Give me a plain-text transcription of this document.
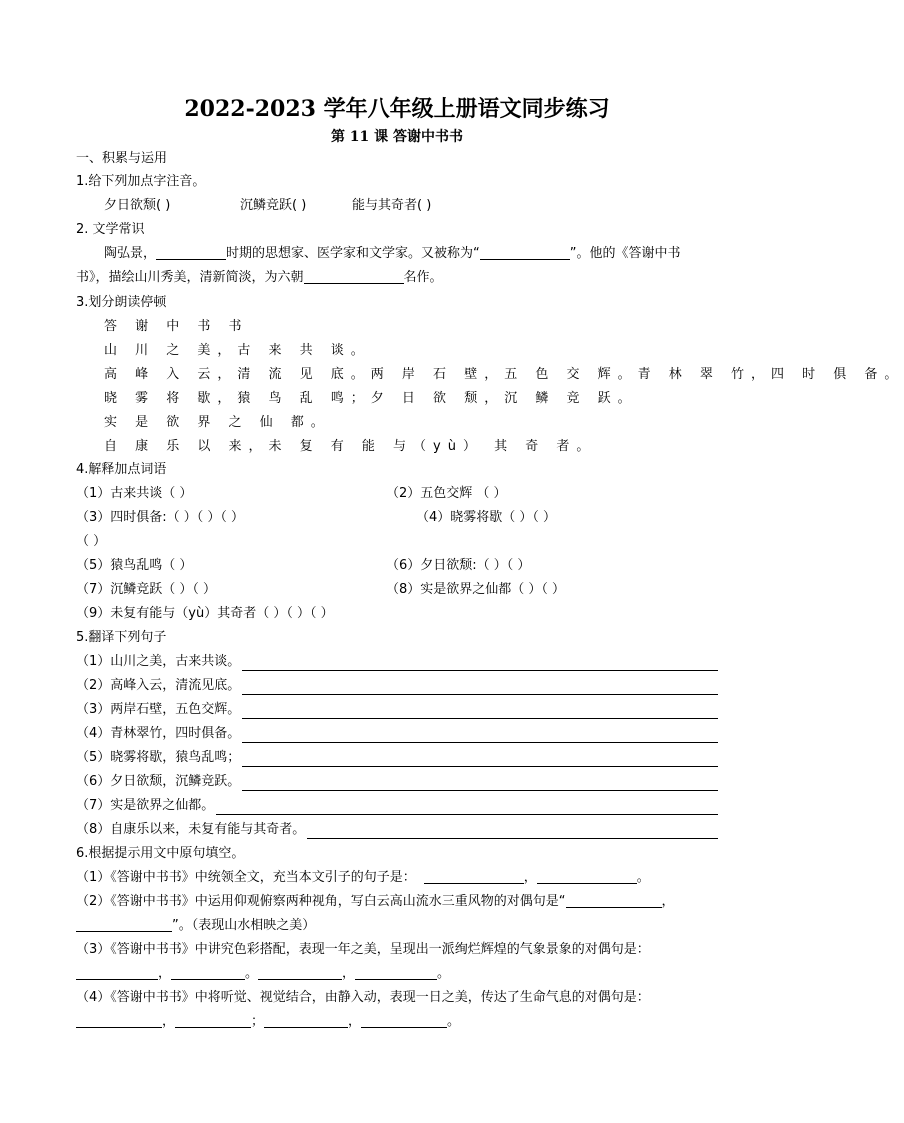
2022-2023 学年八年级上册语文同步练习
第 11 课 答谢中书书
一、积累与运用
1.给下列加点字注音。
夕日欲颓( )	沉鳞竞跃( )	能与其奇者( )
2. 文学常识
陶弘景，	时期的思想家、医学家和文学家。又被称为“	”。他的《答谢中书
书》，描绘山川秀美，清新简淡，为六朝	名作。
3.划分朗读停顿
答 谢 中 书 书
山 川 之 美，古 来 共 谈。
高 峰 入 云，清 流 见 底。两 岸 石 壁，五 色 交 辉。青 林 翠 竹，四 时 俱 备。
晓 雾 将 歇，猿 鸟 乱 鸣；夕 日 欲 颓，沉 鳞 竞 跃。
实 是 欲 界 之 仙 都。
自 康 乐 以 来，未 复 有 能 与（yù） 其 奇 者。
4.解释加点词语
（1）古来共谈（ ）	（2）五色交辉 （ ）
（3）四时俱备:（ ）（ ）（ ）	（4）晓雾将歇（ ）（ ）
（ ）
（5）猿鸟乱鸣（ ）	（6）夕日欲颓:（ ）（ ）
（7）沉鳞竞跃（ ）（ ）	（8）实是欲界之仙都（ ）（ ）
（9）未复有能与（yù）其奇者（ ）（ ）（ ）
5.翻译下列句子
（1）山川之美，古来共谈。
（2）高峰入云，清流见底。
（3）两岸石壁，五色交辉。
（4）青林翠竹，四时俱备。
（5）晓雾将歇，猿鸟乱鸣；
（6）夕日欲颓，沉鳞竞跃。
（7）实是欲界之仙都。
（8）自康乐以来，未复有能与其奇者。
6.根据提示用文中原句填空。
（1）《答谢中书书》中统领全文，充当本文引子的句子是：	，	。
（2）《答谢中书书》中运用仰观俯察两种视角，写白云高山流水三重风物的对偶句是“	，
”。（表现山水相映之美）
（3）《答谢中书书》中讲究色彩搭配，表现一年之美，呈现出一派绚烂辉煌的气象景象的对偶句是：
，	。	，	。
（4）《答谢中书书》中将听觉、视觉结合，由静入动，表现一日之美，传达了生命气息的对偶句是：
，	；	，	。
